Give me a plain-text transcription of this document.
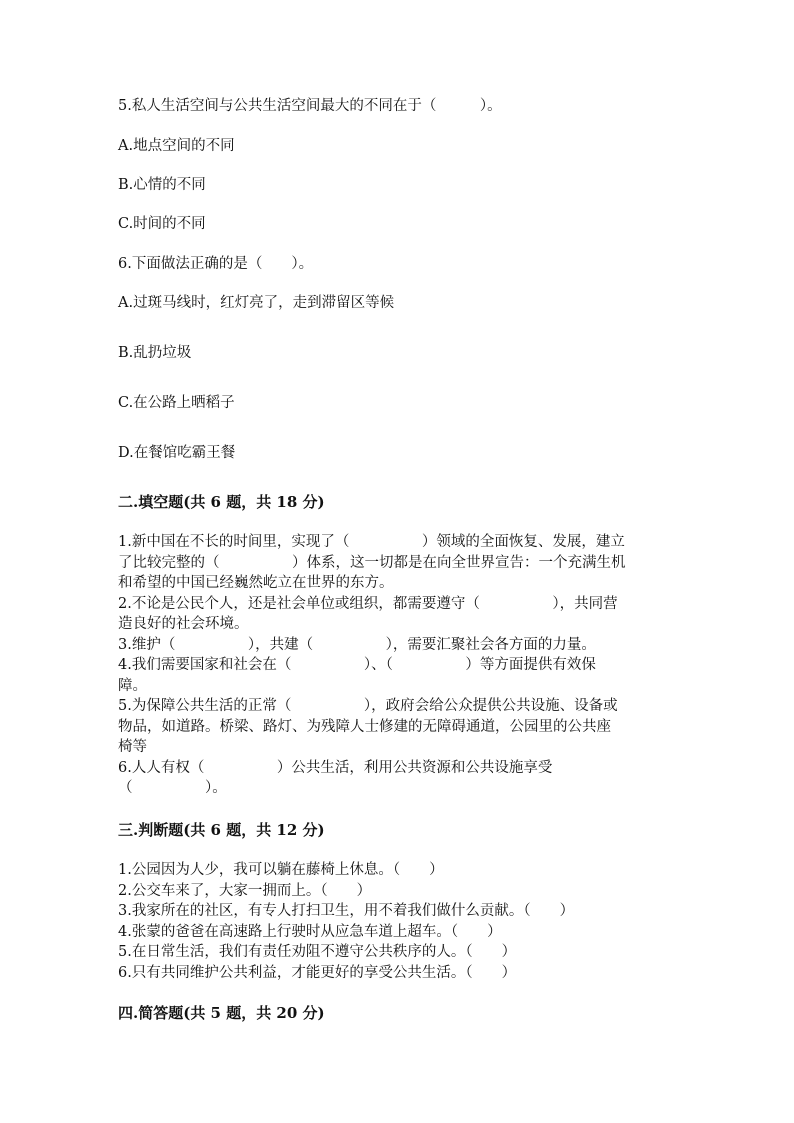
5.私人生活空间与公共生活空间最大的不同在于（　　　）。
A.地点空间的不同
B.心情的不同
C.时间的不同
6.下面做法正确的是（　　）。
A.过斑马线时，红灯亮了，走到滞留区等候
B.乱扔垃圾
C.在公路上晒稻子
D.在餐馆吃霸王餐
二.填空题(共 6 题，共 18 分)
1.新中国在不长的时间里，实现了（　　　　　）领域的全面恢复、发展，建立
了比较完整的（　　　　　）体系，这一切都是在向全世界宣告：一个充满生机
和希望的中国已经巍然屹立在世界的东方。
2.不论是公民个人，还是社会单位或组织，都需要遵守（　　　　　），共同营
造良好的社会环境。
3.维护（　　　　　），共建（　　　　　），需要汇聚社会各方面的力量。
4.我们需要国家和社会在（　　　　　）、（　　　　　）等方面提供有效保
障。
5.为保障公共生活的正常（　　　　　），政府会给公众提供公共设施、设备或
物品，如道路。桥梁、路灯、为残障人士修建的无障碍通道，公园里的公共座
椅等
6.人人有权（　　　　　）公共生活，利用公共资源和公共设施享受
（　　　　　）。
三.判断题(共 6 题，共 12 分)
1.公园因为人少，我可以躺在藤椅上休息。（　　）
2.公交车来了，大家一拥而上。（　　）
3.我家所在的社区，有专人打扫卫生，用不着我们做什么贡献。（　　）
4.张蒙的爸爸在高速路上行驶时从应急车道上超车。（　　）
5.在日常生活，我们有责任劝阻不遵守公共秩序的人。（　　）
6.只有共同维护公共利益，才能更好的享受公共生活。（　　）
四.简答题(共 5 题，共 20 分)
